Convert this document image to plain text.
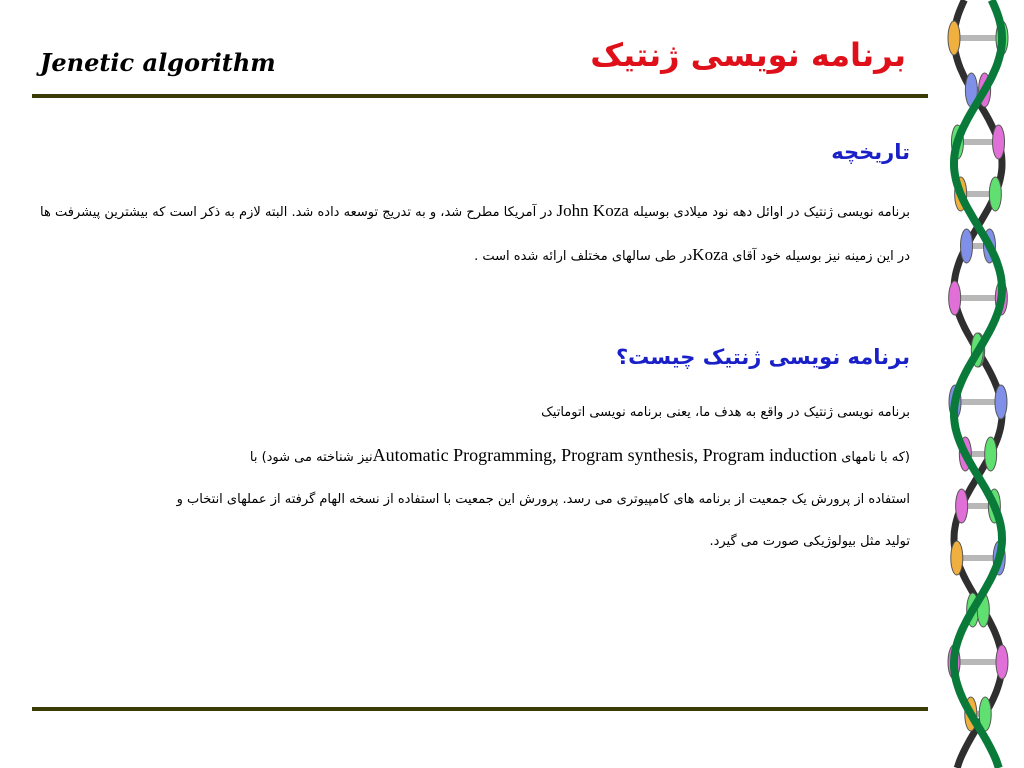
Jenetic algorithm	برنامه نویسی ژنتیک
تاریخچه
برنامه نویسی ژنتیک در اوائل دهه نود میلادی بوسیله John Koza در آمریکا مطرح شد، و به تدریج توسعه داده شد. البته لازم به ذکر است که بیشترین پیشرفت ها در این زمینه نیز بوسیله خود آقای Kozaدر طی سالهای مختلف ارائه شده است .
برنامه نویسی ژنتیک چیست؟
برنامه نویسی ژنتیک در واقع به هدف ما، یعنی برنامه نویسی اتوماتیک
(که با نامهای Automatic Programming, Program synthesis, Program inductionنیز شناخته می شود) با
استفاده از پرورش یک جمعیت از برنامه های کامپیوتری می رسد. پرورش این جمعیت با استفاده از نسخه الهام گرفته از عملهای انتخاب و
تولید مثل بیولوژیکی صورت می گیرد.
